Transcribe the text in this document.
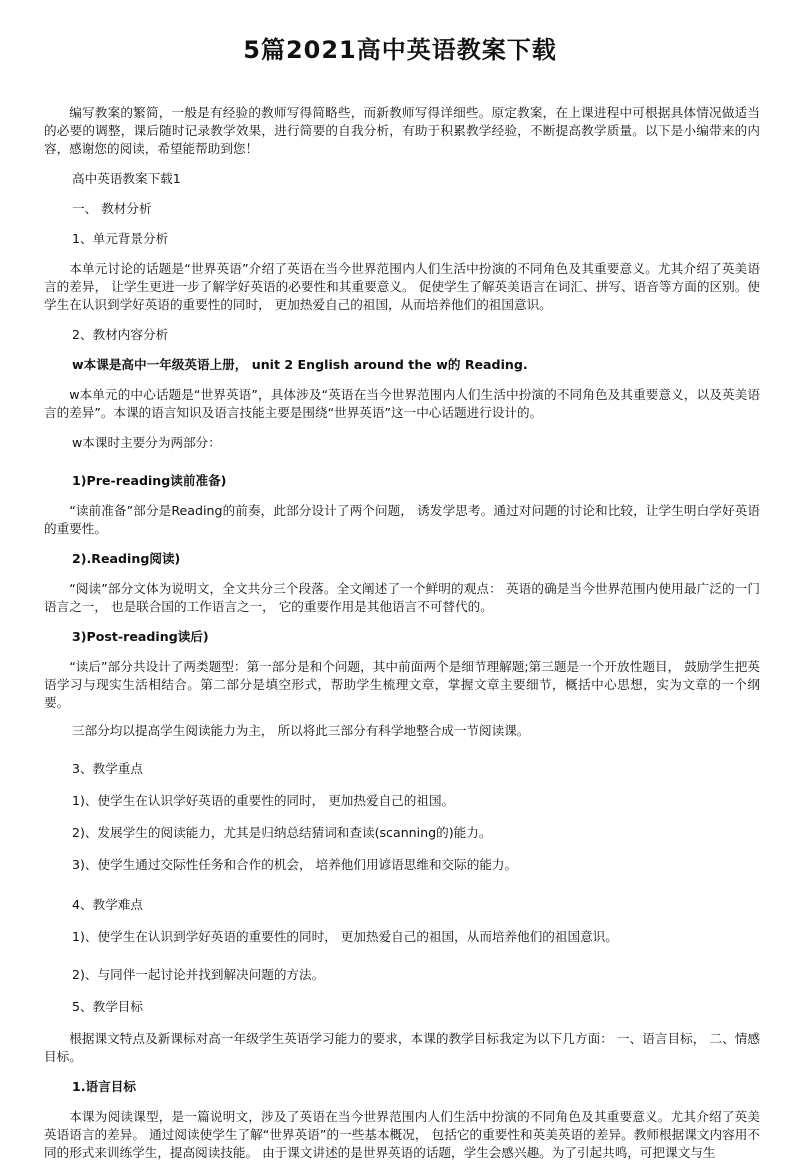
5篇2021高中英语教案下载

编写教案的繁简，一般是有经验的教师写得简略些，而新教师写得详细些。原定教案，在上课进程中可根据具体情况做适当的必要的调整，课后随时记录教学效果，进行简要的自我分析，有助于积累教学经验，不断提高教学质量。以下是小编带来的内容，感谢您的阅读，希望能帮助到您！

高中英语教案下载1

一、 教材分析

1、单元背景分析

本单元讨论的话题是“世界英语”介绍了英语在当今世界范围内人们生活中扮演的不同角色及其重要意义。尤其介绍了英美语言的差异， 让学生更进一步了解学好英语的必要性和其重要意义。 促使学生了解英美语言在词汇、拼写、语音等方面的区别。使学生在认识到学好英语的重要性的同时， 更加热爱自己的祖国，从而培养他们的祖国意识。

2、教材内容分析

w本课是高中一年级英语上册， unit 2 English around the w的 Reading.

w本单元的中心话题是“世界英语”，具体涉及“英语在当今世界范围内人们生活中扮演的不同角色及其重要意义，以及英美语言的差异”。本课的语言知识及语言技能主要是围绕“世界英语”这一中心话题进行设计的。

w本课时主要分为两部分：

1)Pre-reading读前准备)

“读前准备”部分是Reading的前奏，此部分设计了两个问题， 诱发学思考。通过对问题的讨论和比较，让学生明白学好英语的重要性。

2).Reading阅读)

“阅读”部分文体为说明文，全文共分三个段落。全文阐述了一个鲜明的观点： 英语的确是当今世界范围内使用最广泛的一门语言之一， 也是联合国的工作语言之一， 它的重要作用是其他语言不可替代的。

3)Post-reading读后)

“读后”部分共设计了两类题型：第一部分是和个问题，其中前面两个是细节理解题;第三题是一个开放性题目， 鼓励学生把英语学习与现实生活相结合。第二部分是填空形式，帮助学生梳理文章，掌握文章主要细节，概括中心思想，实为文章的一个纲要。

三部分均以提高学生阅读能力为主， 所以将此三部分有科学地整合成一节阅读课。

3、教学重点

1)、使学生在认识学好英语的重要性的同时， 更加热爱自己的祖国。

2)、发展学生的阅读能力，尤其是归纳总结猜词和查读(scanning的)能力。

3)、使学生通过交际性任务和合作的机会， 培养他们用谚语思维和交际的能力。

4、教学难点

1)、使学生在认识到学好英语的重要性的同时， 更加热爱自己的祖国，从而培养他们的祖国意识。

2)、与同伴一起讨论并找到解决问题的方法。

5、教学目标

根据课文特点及新课标对高一年级学生英语学习能力的要求，本课的教学目标我定为以下几方面： 一、语言目标， 二、情感目标。

1.语言目标

本课为阅读课型，是一篇说明文，涉及了英语在当今世界范围内人们生活中扮演的不同角色及其重要意义。尤其介绍了英美英语语言的差异。 通过阅读使学生了解“世界英语”的一些基本概况， 包括它的重要性和英美英语的差异。教师根据课文内容用不同的形式来训练学生，提高阅读技能。 由于课文讲述的是世界英语的话题，学生会感兴趣。为了引起共鸣，可把课文与生
